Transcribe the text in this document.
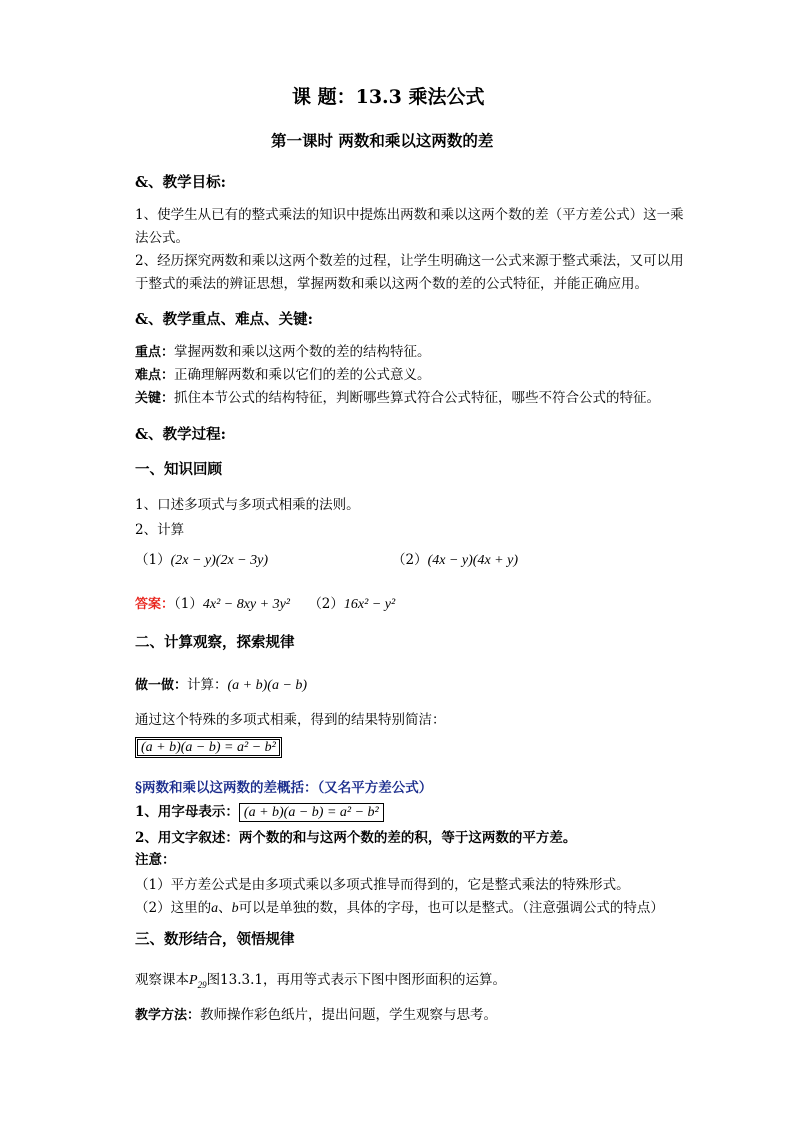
课 题：13.3 乘法公式
第一课时 两数和乘以这两数的差
&、教学目标:
1、使学生从已有的整式乘法的知识中提炼出两数和乘以这两个数的差（平方差公式）这一乘
法公式。
2、经历探究两数和乘以这两个数差的过程，让学生明确这一公式来源于整式乘法，又可以用
于整式的乘法的辨证思想，掌握两数和乘以这两个数的差的公式特征，并能正确应用。
&、教学重点、难点、关键:
重点：掌握两数和乘以这两个数的差的结构特征。
难点：正确理解两数和乘以它们的差的公式意义。
关键：抓住本节公式的结构特征，判断哪些算式符合公式特征，哪些不符合公式的特征。
&、教学过程:
一、知识回顾
1、口述多项式与多项式相乘的法则。
2、计算
（1）(2x − y)(2x − 3y)	（2）(4x − y)(4x + y)
答案：（1）4x² − 8xy + 3y² （2）16x² − y²
二、计算观察，探索规律
做一做：计算：(a + b)(a − b)
通过这个特殊的多项式相乘，得到的结果特别简洁：
(a + b)(a − b) = a² − b²
§两数和乘以这两数的差概括：（又名平方差公式）
1、用字母表示： (a + b)(a − b) = a² − b²
2、用文字叙述：两个数的和与这两个数的差的积，等于这两数的平方差。
注意：
（1）平方差公式是由多项式乘以多项式推导而得到的，它是整式乘法的特殊形式。
（2）这里的a、b可以是单独的数，具体的字母，也可以是整式。（注意强调公式的特点）
三、数形结合，领悟规律
观察课本$P_{29}$图13.3.1，再用等式表示下图中图形面积的运算。
教学方法：教师操作彩色纸片，提出问题，学生观察与思考。
